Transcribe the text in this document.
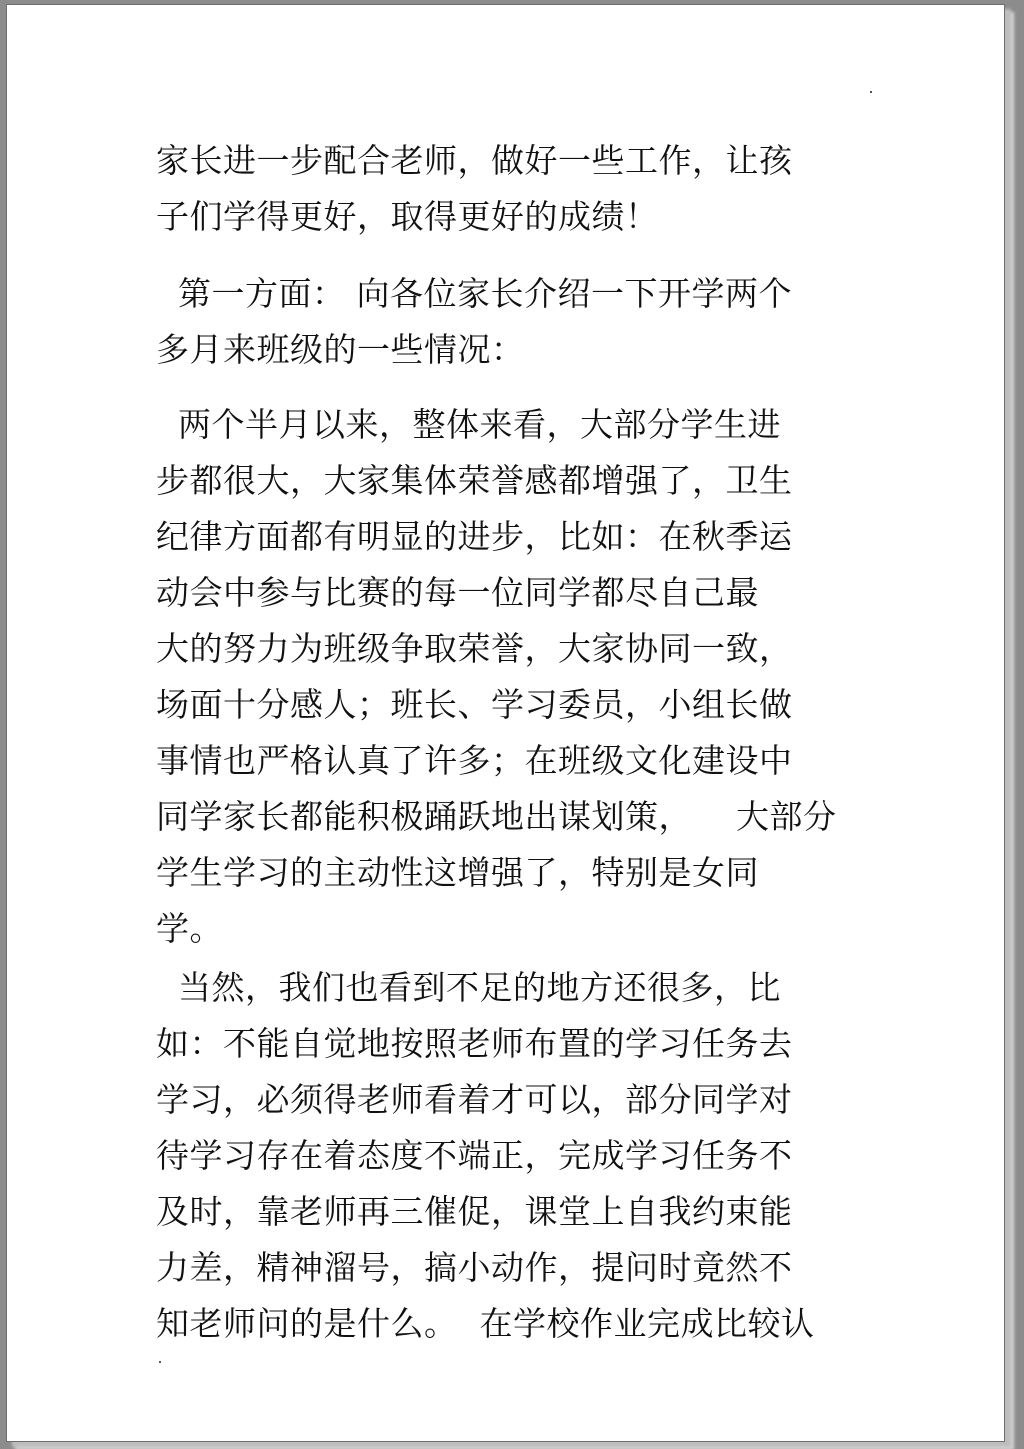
家长进一步配合老师，做好一些工作，让孩
子们学得更好，取得更好的成绩！

第一方面： 向各位家长介绍一下开学两个
多月来班级的一些情况：

两个半月以来，整体来看，大部分学生进
步都很大，大家集体荣誉感都增强了，卫生
纪律方面都有明显的进步，比如：在秋季运
动会中参与比赛的每一位同学都尽自己最
大的努力为班级争取荣誉，大家协同一致，
场面十分感人；班长、学习委员，小组长做
事情也严格认真了许多；在班级文化建设中
同学家长都能积极踊跃地出谋划策，    大部分
学生学习的主动性这增强了，特别是女同
学。

当然，我们也看到不足的地方还很多，比
如：不能自觉地按照老师布置的学习任务去
学习，必须得老师看着才可以，部分同学对
待学习存在着态度不端正，完成学习任务不
及时，靠老师再三催促，课堂上自我约束能
力差，精神溜号，搞小动作，提问时竟然不
知老师问的是什么。  在学校作业完成比较认
